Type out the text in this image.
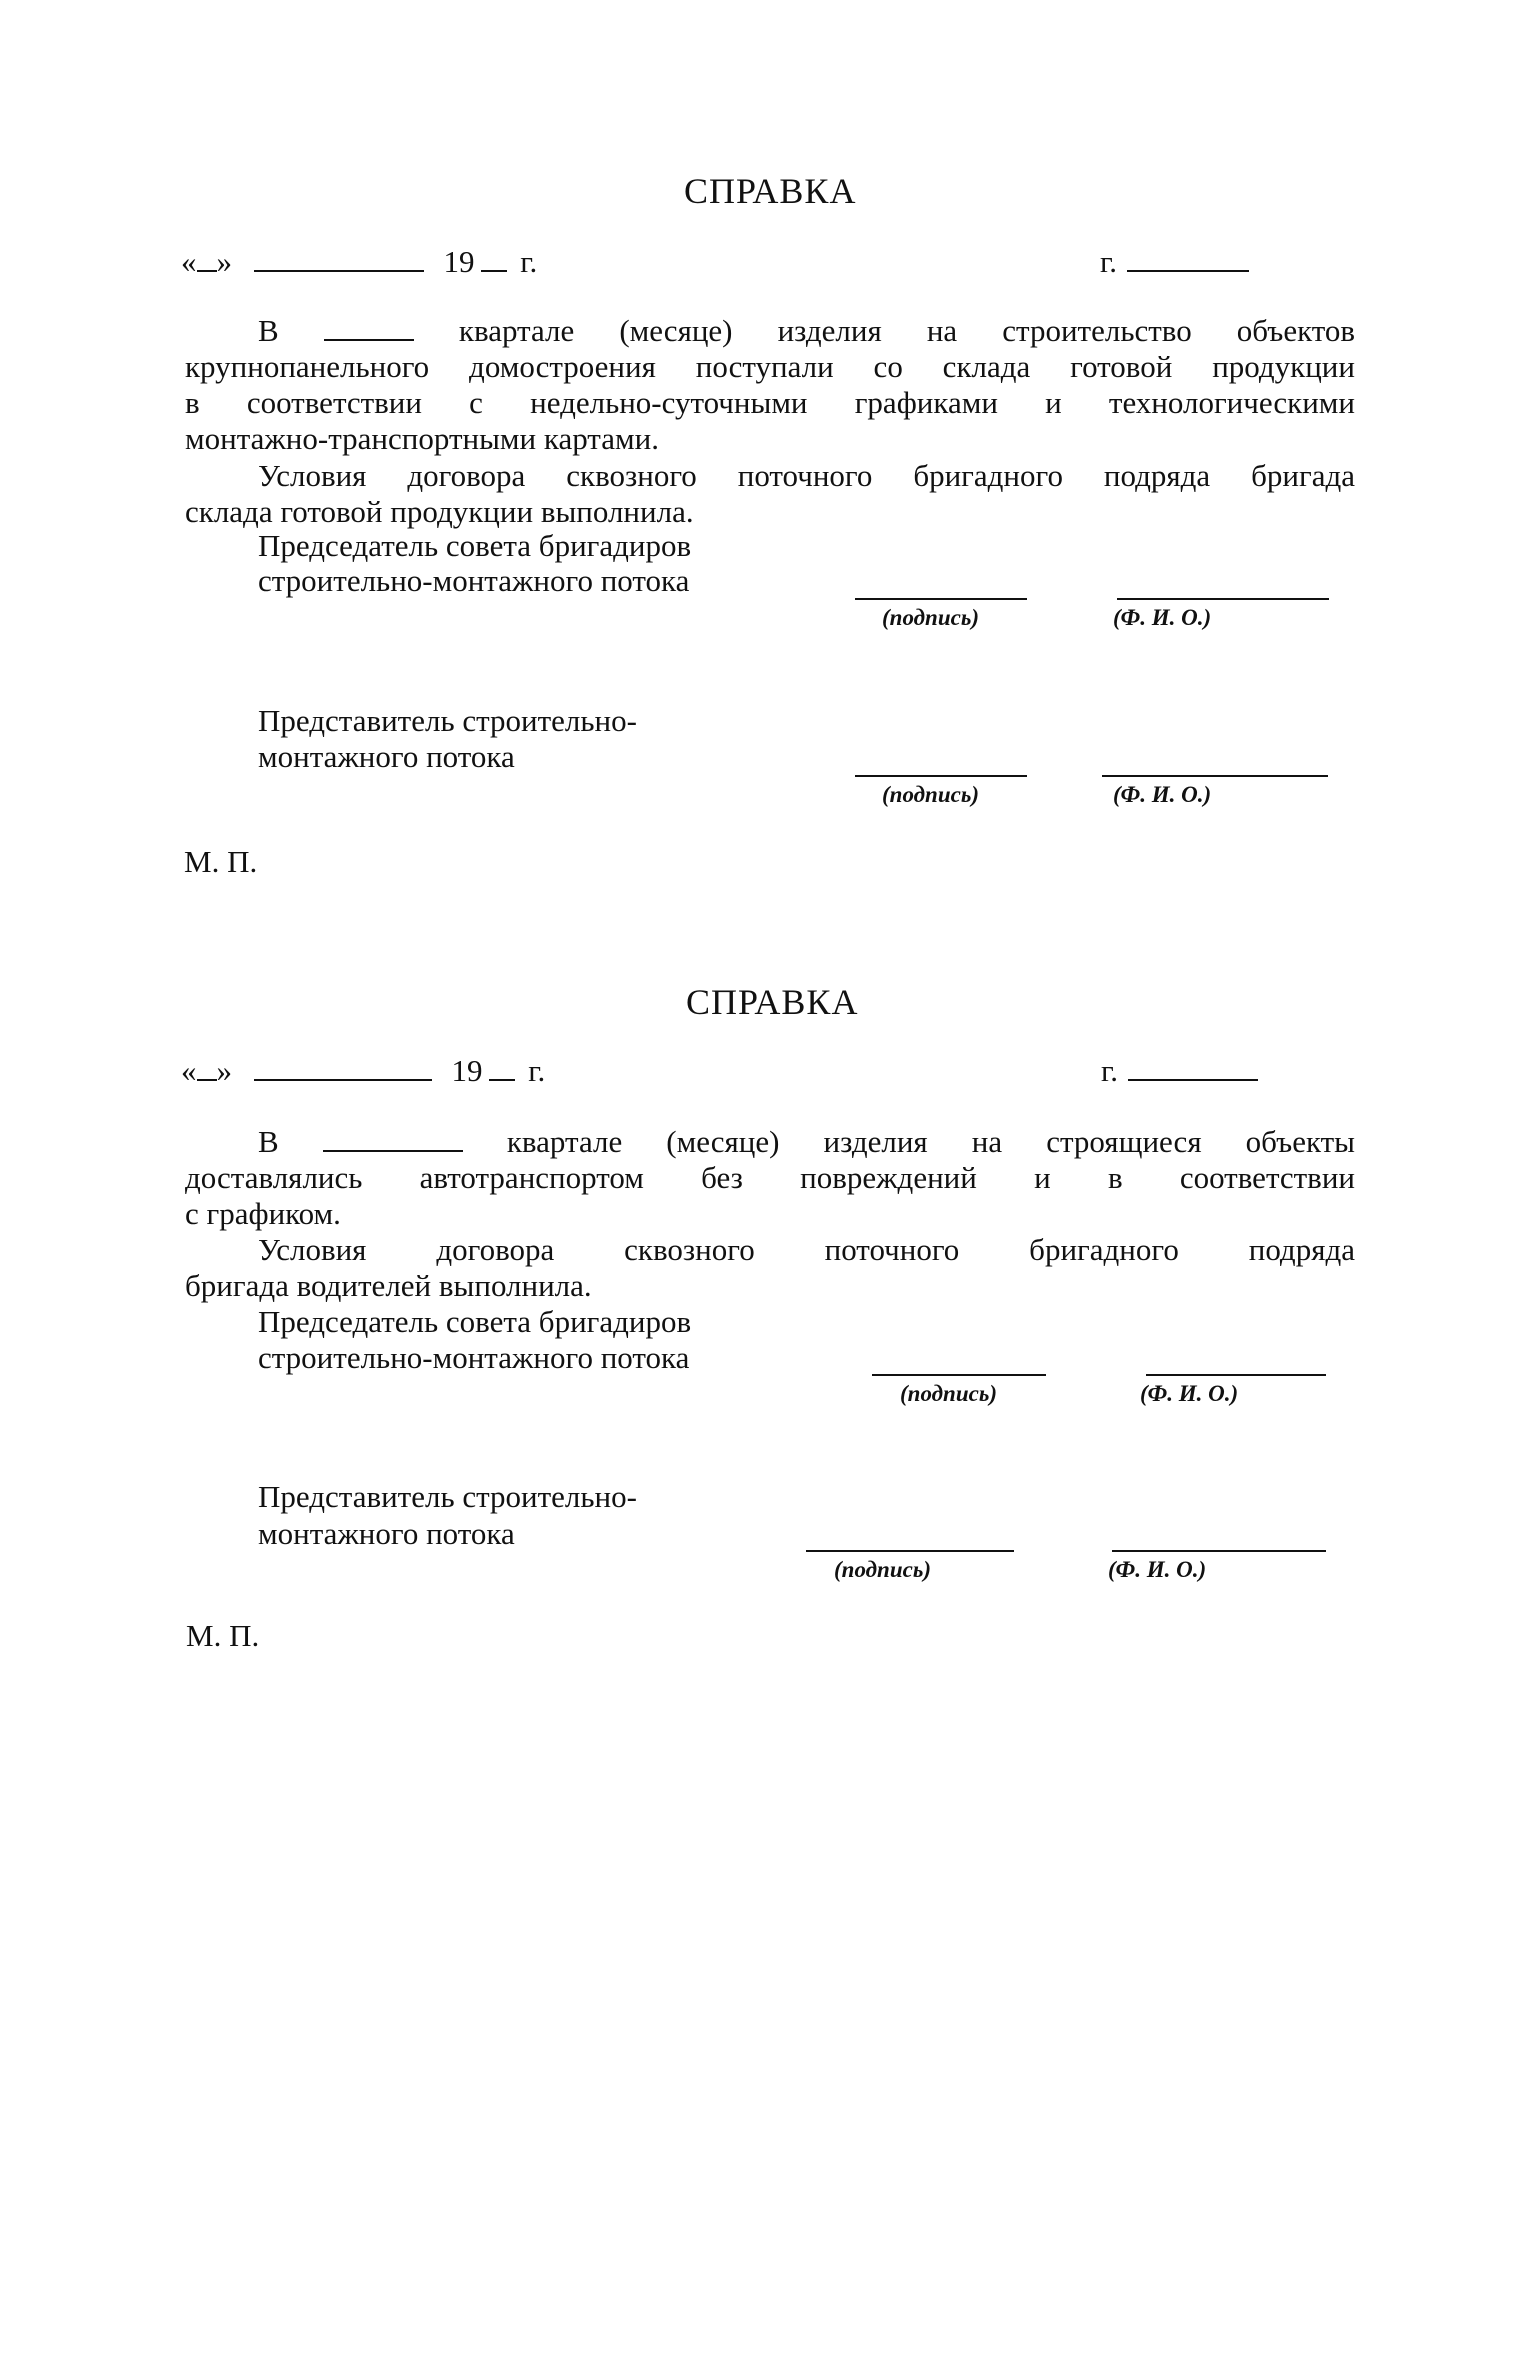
СПРАВКА
« »	19 г.	г.
В	квартале (месяце) изделия на строительство объектов
крупнопанельного домостроения поступали со склада готовой продукции
в соответствии с недельно-суточными графиками и технологическими
монтажно-транспортными картами.
Условия договора сквозного поточного бригадного подряда бригада
склада готовой продукции выполнила.
Председатель совета бригадиров
строительно-монтажного потока
(подпись)	(Ф. И. О.)
Представитель строительно-
монтажного потока
(подпись)	(Ф. И. О.)
М. П.
СПРАВКА
« »	19 г.	г.
В	квартале (месяце) изделия на строящиеся объекты
доставлялись автотранспортом без повреждений и в соответствии
с графиком.
Условия договора сквозного поточного бригадного подряда
бригада водителей выполнила.
Председатель совета бригадиров
строительно-монтажного потока
(подпись)	(Ф. И. О.)
Представитель строительно-
монтажного потока
(подпись)	(Ф. И. О.)
М. П.
